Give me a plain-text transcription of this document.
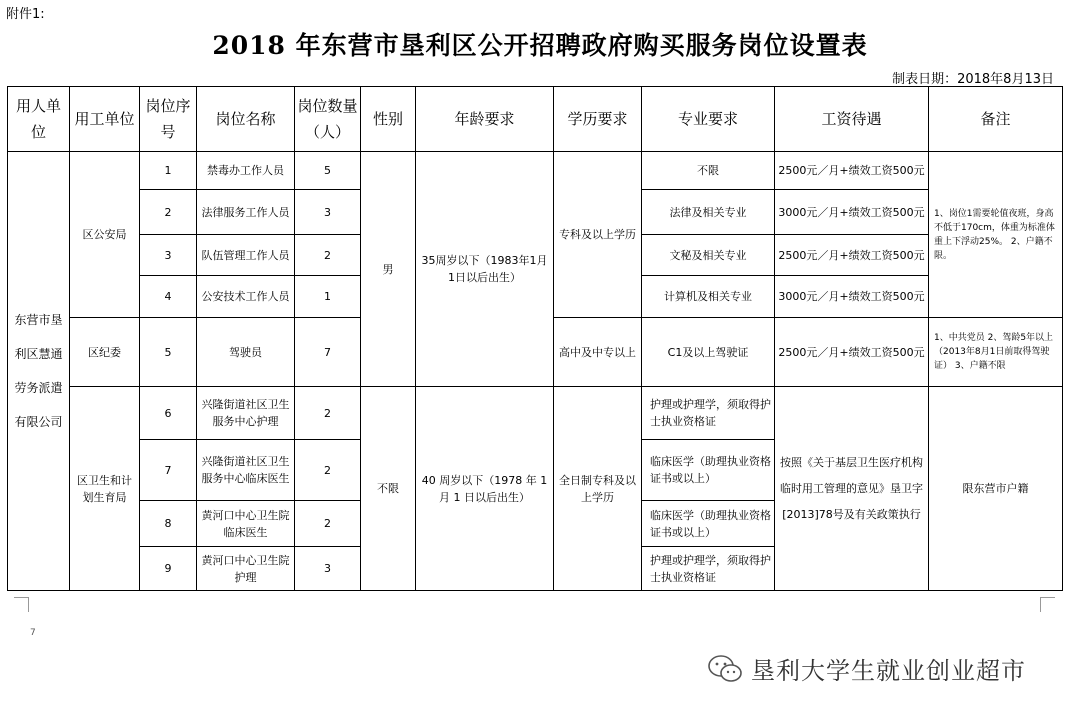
附件1:
2018 年东营市垦利区公开招聘政府购买服务岗位设置表
制表日期：2018年8月13日
用人单位	用工单位	岗位序号	岗位名称	岗位数量（人）	性别	年龄要求	学历要求	专业要求	工资待遇	备注
东营市垦利区慧通劳务派遣有限公司	区公安局	1	禁毒办工作人员	5	男	35周岁以下（1983年1月1日以后出生）	专科及以上学历	不限	2500元／月+绩效工资500元	1、岗位1需要轮值夜班，身高不低于170cm，体重为标准体重上下浮动25%。 2、户籍不限。
		2	法律服务工作人员	3				法律及相关专业	3000元／月+绩效工资500元	
		3	队伍管理工作人员	2				文秘及相关专业	2500元／月+绩效工资500元	
		4	公安技术工作人员	1				计算机及相关专业	3000元／月+绩效工资500元	
	区纪委	5	驾驶员	7			高中及中专以上	C1及以上驾驶证	2500元／月+绩效工资500元	1、中共党员 2、驾龄5年以上（2013年8月1日前取得驾驶证） 3、户籍不限
	区卫生和计划生育局	6	兴隆街道社区卫生服务中心护理	2	不限	40 周岁以下（1978 年 1 月 1 日以后出生）	全日制专科及以上学历	护理或护理学，须取得护士执业资格证	按照《关于基层卫生医疗机构临时用工管理的意见》垦卫字[2013]78号及有关政策执行	限东营市户籍
		7	兴隆街道社区卫生服务中心临床医生	2				临床医学（助理执业资格证书或以上）		
		8	黄河口中心卫生院临床医生	2				临床医学（助理执业资格证书或以上）		
		9	黄河口中心卫生院护理	3				护理或护理学，须取得护士执业资格证		
7
垦利大学生就业创业超市
